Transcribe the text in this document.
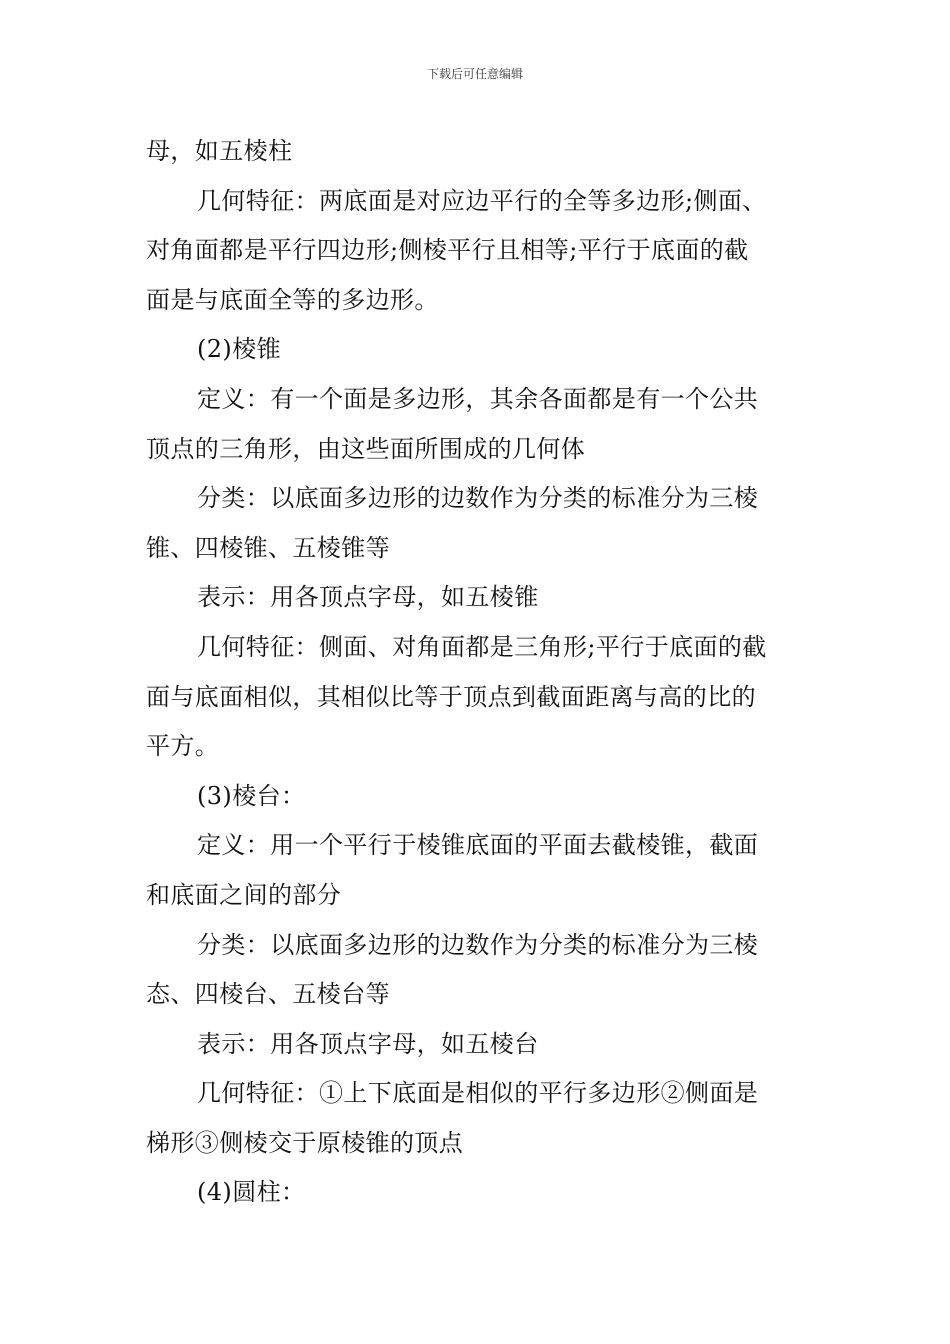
下载后可任意编辑
母，如五棱柱
几何特征：两底面是对应边平行的全等多边形;侧面、
对角面都是平行四边形;侧棱平行且相等;平行于底面的截
面是与底面全等的多边形。
(2)棱锥
定义：有一个面是多边形，其余各面都是有一个公共
顶点的三角形，由这些面所围成的几何体
分类：以底面多边形的边数作为分类的标准分为三棱
锥、四棱锥、五棱锥等
表示：用各顶点字母，如五棱锥
几何特征：侧面、对角面都是三角形;平行于底面的截
面与底面相似，其相似比等于顶点到截面距离与高的比的
平方。
(3)棱台：
定义：用一个平行于棱锥底面的平面去截棱锥，截面
和底面之间的部分
分类：以底面多边形的边数作为分类的标准分为三棱
态、四棱台、五棱台等
表示：用各顶点字母，如五棱台
几何特征：①上下底面是相似的平行多边形②侧面是
梯形③侧棱交于原棱锥的顶点
(4)圆柱：
